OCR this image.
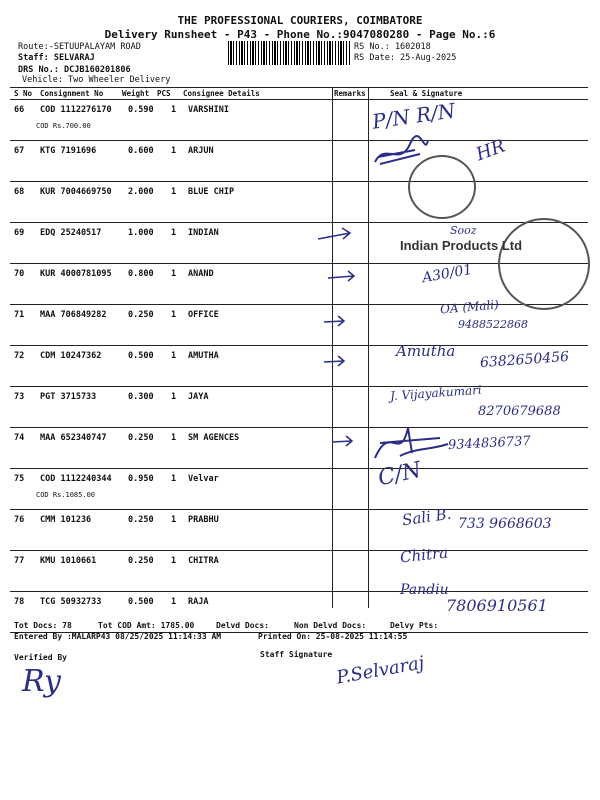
THE PROFESSIONAL COURIERS, COIMBATORE
Delivery Runsheet - P43 - Phone No.:9047080280 - Page No.:6
Route:-SETUUPALAYAM ROAD
Staff: SELVARAJ
DRS No.: DCJB160201806
Vehicle: Two Wheeler Delivery
RS No.: 1602018
RS Date: 25-Aug-2025
S No Consignment No	Weight PCS Consignee Details	Remarks	Seal & Signature
66 COD 1112276170 0.590 1 VARSHINI
COD Rs.700.00
67 KTG 7191696	0.600 1 ARJUN
68 KUR 7004669750 2.000 1 BLUE CHIP
69 EDQ 25240517	1.000 1 INDIAN
70 KUR 4000781095 0.800 1 ANAND
71 MAA 706849282	0.250 1 OFFICE
72 CDM 10247362	0.500 1 AMUTHA
73 PGT 3715733	0.300 1 JAYA
74 MAA 652340747	0.250 1 SM AGENCES
75 COD 1112240344 0.950 1 Velvar
COD Rs.1085.00
76 CMM 101236	0.250 1 PRABHU
77 KMU 1010661	0.250 1 CHITRA
78 TCG 50932733	0.500 1 RAJA
P/N R/N
HR
Sooz
Indian Products Ltd
A30/01
OA (Mali)
9488522868
Amutha 6382650456
J. Vijayakumari
8270679688
9344836737
C/N
Sali B. 733 9668603
Chitra
Pandiu
7806910561
Tot Docs: 78	Tot COD Amt: 1785.00	Delvd Docs:	Non Delvd Docs:	Delvy Pts:
Entered By :MALARP43 08/25/2025 11:14:33 AM	Printed On: 25-08-2025 11:14:55
Verified By	Staff Signature
Ry	P.Selvaraj
